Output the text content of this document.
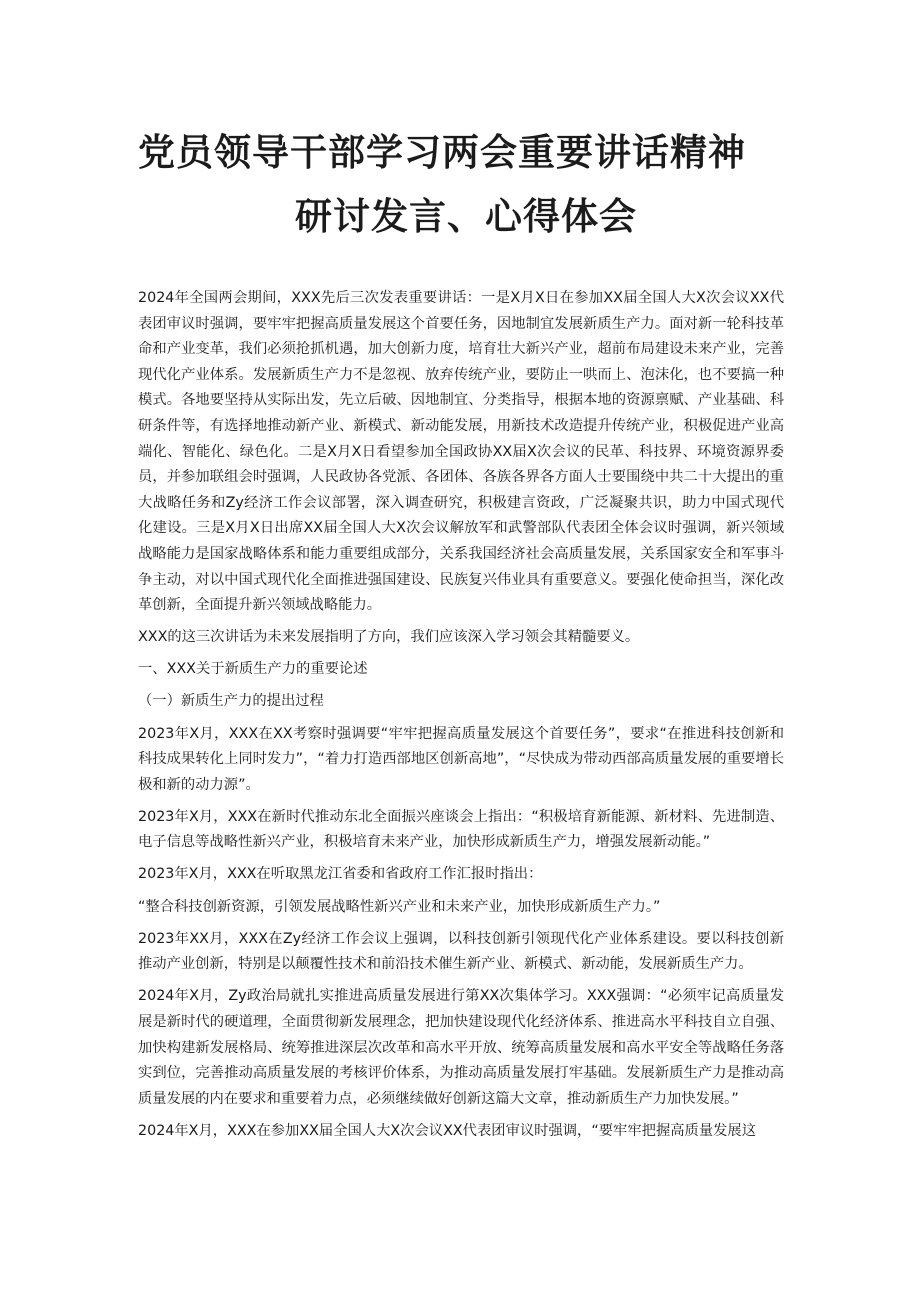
党员领导干部学习两会重要讲话精神
研讨发言、心得体会

2024年全国两会期间，XXX先后三次发表重要讲话：一是X月X日在参加XX届全国人大X次会议XX代表团审议时强调，要牢牢把握高质量发展这个首要任务，因地制宜发展新质生产力。面对新一轮科技革命和产业变革，我们必须抢抓机遇，加大创新力度，培育壮大新兴产业，超前布局建设未来产业，完善现代化产业体系。发展新质生产力不是忽视、放弃传统产业，要防止一哄而上、泡沫化，也不要搞一种模式。各地要坚持从实际出发，先立后破、因地制宜、分类指导，根据本地的资源禀赋、产业基础、科研条件等，有选择地推动新产业、新模式、新动能发展，用新技术改造提升传统产业，积极促进产业高端化、智能化、绿色化。二是X月X日看望参加全国政协XX届X次会议的民革、科技界、环境资源界委员，并参加联组会时强调，人民政协各党派、各团体、各族各界各方面人士要围绕中共二十大提出的重大战略任务和Zy经济工作会议部署，深入调查研究，积极建言资政，广泛凝聚共识，助力中国式现代化建设。三是X月X日出席XX届全国人大X次会议解放军和武警部队代表团全体会议时强调，新兴领域战略能力是国家战略体系和能力重要组成部分，关系我国经济社会高质量发展，关系国家安全和军事斗争主动，对以中国式现代化全面推进强国建设、民族复兴伟业具有重要意义。要强化使命担当，深化改革创新，全面提升新兴领域战略能力。

XXX的这三次讲话为未来发展指明了方向，我们应该深入学习领会其精髓要义。

一、XXX关于新质生产力的重要论述

（一）新质生产力的提出过程

2023年X月，XXX在XX考察时强调要“牢牢把握高质量发展这个首要任务”，要求“在推进科技创新和科技成果转化上同时发力”，“着力打造西部地区创新高地”，“尽快成为带动西部高质量发展的重要增长极和新的动力源”。

2023年X月，XXX在新时代推动东北全面振兴座谈会上指出：“积极培育新能源、新材料、先进制造、电子信息等战略性新兴产业，积极培育未来产业，加快形成新质生产力，增强发展新动能。”

2023年X月，XXX在听取黑龙江省委和省政府工作汇报时指出：

“整合科技创新资源，引领发展战略性新兴产业和未来产业，加快形成新质生产力。”

2023年XX月，XXX在Zy经济工作会议上强调，以科技创新引领现代化产业体系建设。要以科技创新推动产业创新，特别是以颠覆性技术和前沿技术催生新产业、新模式、新动能，发展新质生产力。

2024年X月，Zy政治局就扎实推进高质量发展进行第XX次集体学习。XXX强调：“必须牢记高质量发展是新时代的硬道理，全面贯彻新发展理念，把加快建设现代化经济体系、推进高水平科技自立自强、加快构建新发展格局、统筹推进深层次改革和高水平开放、统筹高质量发展和高水平安全等战略任务落实到位，完善推动高质量发展的考核评价体系，为推动高质量发展打牢基础。发展新质生产力是推动高质量发展的内在要求和重要着力点，必须继续做好创新这篇大文章，推动新质生产力加快发展。”

2024年X月，XXX在参加XX届全国人大X次会议XX代表团审议时强调，“要牢牢把握高质量发展这
